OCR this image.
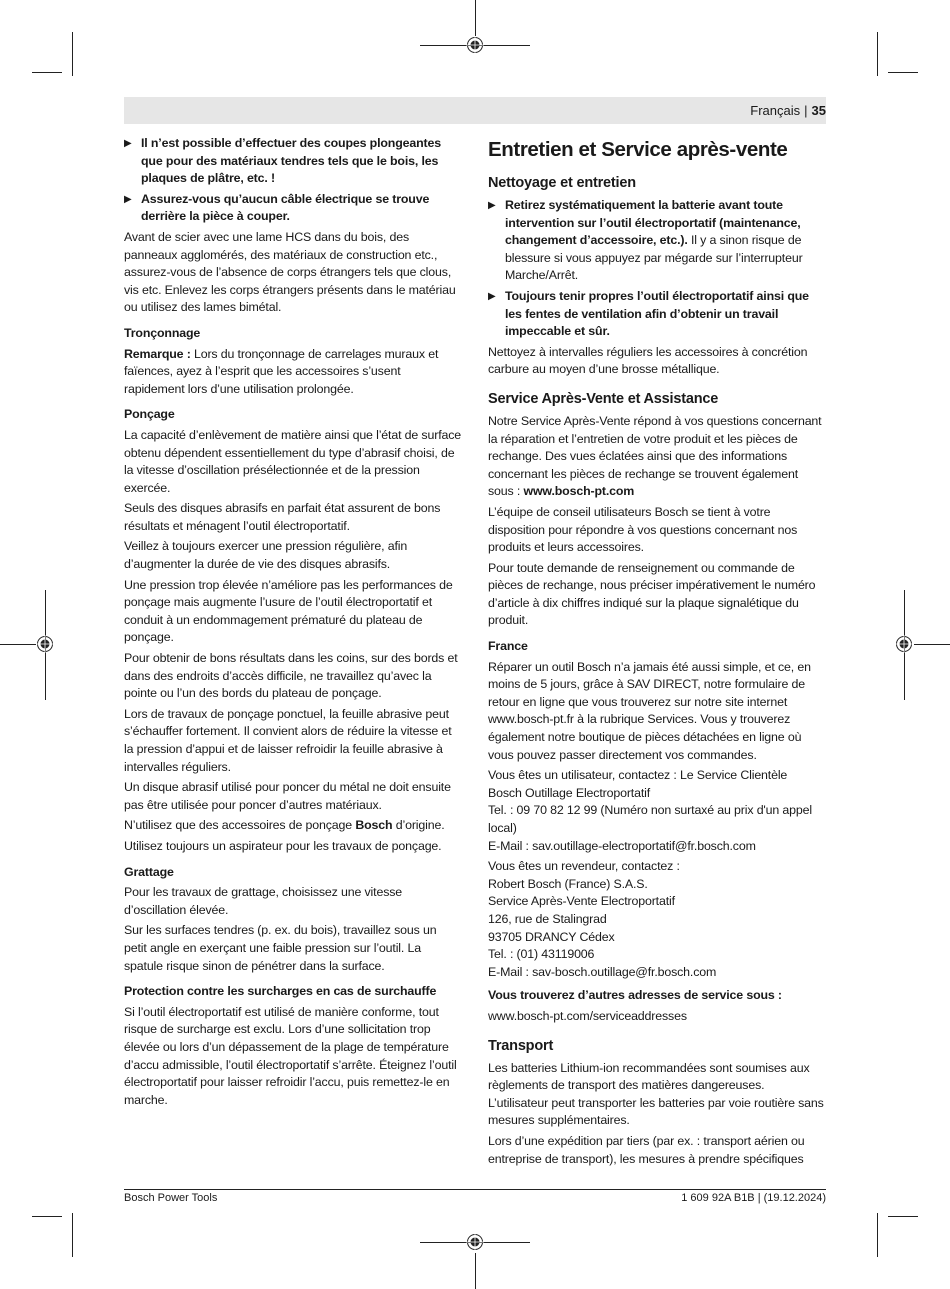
Français | 35
▶ Il n’est possible d’effectuer des coupes plongeantes que pour des matériaux tendres tels que le bois, les plaques de plâtre, etc. !
▶ Assurez-vous qu’aucun câble électrique se trouve derrière la pièce à couper.
Avant de scier avec une lame HCS dans du bois, des panneaux agglomérés, des matériaux de construction etc., assurez-vous de l’absence de corps étrangers tels que clous, vis etc. Enlevez les corps étrangers présents dans le matériau ou utilisez des lames bimétal.
Tronçonnage
Remarque : Lors du tronçonnage de carrelages muraux et faïences, ayez à l’esprit que les accessoires s’usent rapidement lors d’une utilisation prolongée.
Ponçage
La capacité d’enlèvement de matière ainsi que l’état de surface obtenu dépendent essentiellement du type d’abrasif choisi, de la vitesse d’oscillation présélectionnée et de la pression exercée.
Seuls des disques abrasifs en parfait état assurent de bons résultats et ménagent l’outil électroportatif.
Veillez à toujours exercer une pression régulière, afin d’augmenter la durée de vie des disques abrasifs.
Une pression trop élevée n’améliore pas les performances de ponçage mais augmente l’usure de l’outil électroportatif et conduit à un endommagement prématuré du plateau de ponçage.
Pour obtenir de bons résultats dans les coins, sur des bords et dans des endroits d’accès difficile, ne travaillez qu’avec la pointe ou l’un des bords du plateau de ponçage.
Lors de travaux de ponçage ponctuel, la feuille abrasive peut s’échauffer fortement. Il convient alors de réduire la vitesse et la pression d’appui et de laisser refroidir la feuille abrasive à intervalles réguliers.
Un disque abrasif utilisé pour poncer du métal ne doit ensuite pas être utilisée pour poncer d’autres matériaux.
N’utilisez que des accessoires de ponçage Bosch d’origine.
Utilisez toujours un aspirateur pour les travaux de ponçage.
Grattage
Pour les travaux de grattage, choisissez une vitesse d’oscillation élevée.
Sur les surfaces tendres (p. ex. du bois), travaillez sous un petit angle en exerçant une faible pression sur l’outil. La spatule risque sinon de pénétrer dans la surface.
Protection contre les surcharges en cas de surchauffe
Si l’outil électroportatif est utilisé de manière conforme, tout risque de surcharge est exclu. Lors d’une sollicitation trop élevée ou lors d’un dépassement de la plage de température d’accu admissible, l’outil électroportatif s’arrête. Éteignez l’outil électroportatif pour laisser refroidir l’accu, puis remettez-le en marche.
Entretien et Service après-vente
Nettoyage et entretien
▶ Retirez systématiquement la batterie avant toute intervention sur l’outil électroportatif (maintenance, changement d’accessoire, etc.). Il y a sinon risque de blessure si vous appuyez par mégarde sur l’interrupteur Marche/Arrêt.
▶ Toujours tenir propres l’outil électroportatif ainsi que les fentes de ventilation afin d’obtenir un travail impeccable et sûr.
Nettoyez à intervalles réguliers les accessoires à concrétion carbure au moyen d’une brosse métallique.
Service Après-Vente et Assistance
Notre Service Après-Vente répond à vos questions concernant la réparation et l’entretien de votre produit et les pièces de rechange. Des vues éclatées ainsi que des informations concernant les pièces de rechange se trouvent également sous : www.bosch-pt.com
L’équipe de conseil utilisateurs Bosch se tient à votre disposition pour répondre à vos questions concernant nos produits et leurs accessoires.
Pour toute demande de renseignement ou commande de pièces de rechange, nous préciser impérativement le numéro d’article à dix chiffres indiqué sur la plaque signalétique du produit.
France
Réparer un outil Bosch n’a jamais été aussi simple, et ce, en moins de 5 jours, grâce à SAV DIRECT, notre formulaire de retour en ligne que vous trouverez sur notre site internet www.bosch-pt.fr à la rubrique Services. Vous y trouverez également notre boutique de pièces détachées en ligne où vous pouvez passer directement vos commandes.
Vous êtes un utilisateur, contactez : Le Service Clientèle
Bosch Outillage Electroportatif
Tel. : 09 70 82 12 99 (Numéro non surtaxé au prix d'un appel local)
E-Mail : sav.outillage-electroportatif@fr.bosch.com
Vous êtes un revendeur, contactez :
Robert Bosch (France) S.A.S.
Service Après-Vente Electroportatif
126, rue de Stalingrad
93705 DRANCY Cédex
Tel. : (01) 43119006
E-Mail : sav-bosch.outillage@fr.bosch.com
Vous trouverez d’autres adresses de service sous :
www.bosch-pt.com/serviceaddresses
Transport
Les batteries Lithium-ion recommandées sont soumises aux règlements de transport des matières dangereuses. L’utilisateur peut transporter les batteries par voie routière sans mesures supplémentaires.
Lors d’une expédition par tiers (par ex. : transport aérien ou entreprise de transport), les mesures à prendre spécifiques
Bosch Power Tools	1 609 92A B1B | (19.12.2024)
